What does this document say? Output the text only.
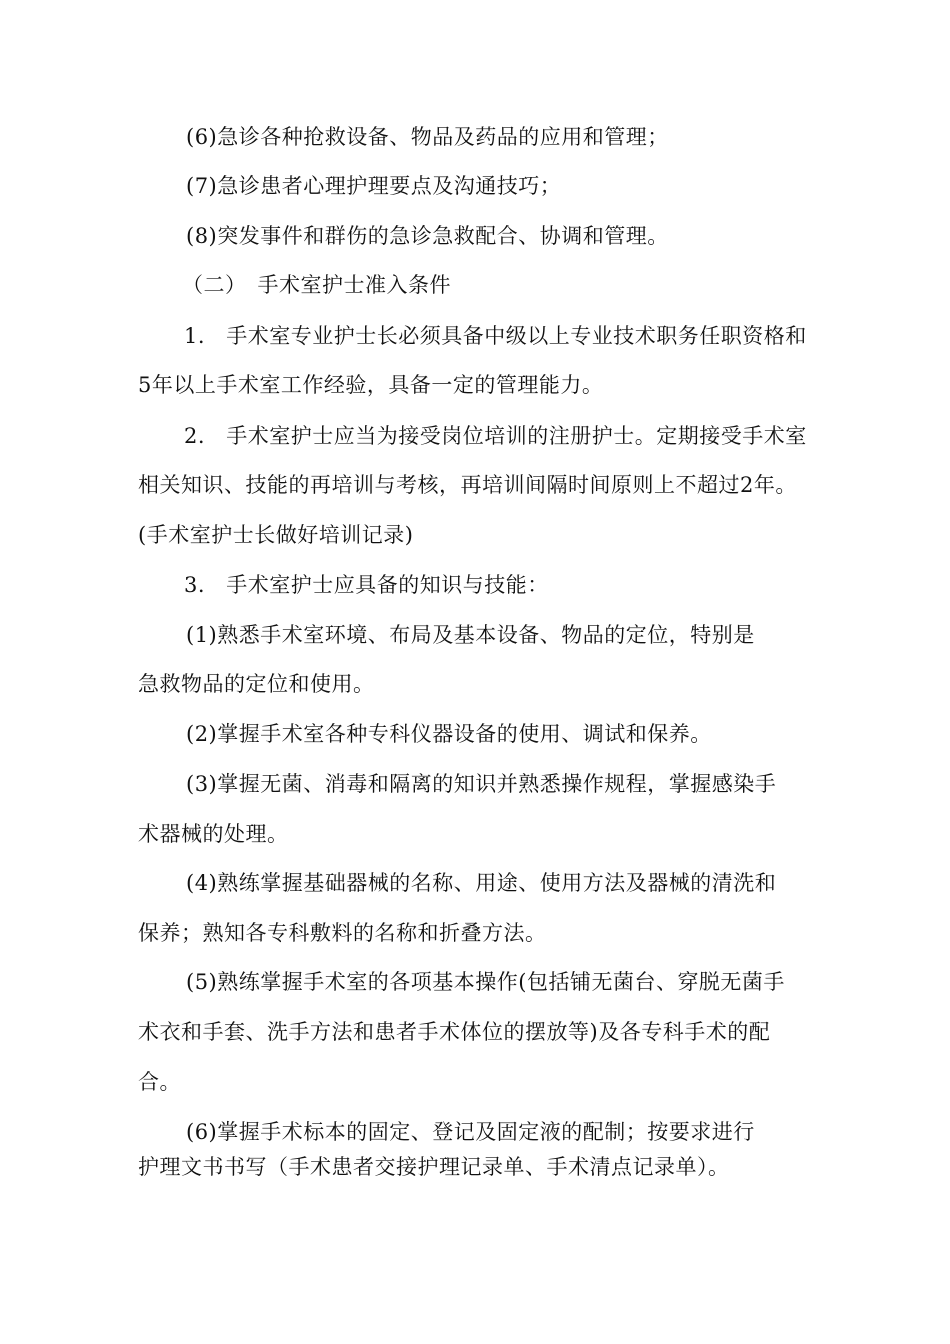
(6)急诊各种抢救设备、物品及药品的应用和管理；

(7)急诊患者心理护理要点及沟通技巧；

(8)突发事件和群伤的急诊急救配合、协调和管理。

（二）　手术室护士准入条件

1. 手术室专业护士长必须具备中级以上专业技术职务任职资格和

5年以上手术室工作经验，具备一定的管理能力。

2. 手术室护士应当为接受岗位培训的注册护士。定期接受手术室

相关知识、技能的再培训与考核，再培训间隔时间原则上不超过2年。

(手术室护士长做好培训记录)

3. 手术室护士应具备的知识与技能：

(1)熟悉手术室环境、布局及基本设备、物品的定位，特别是

急救物品的定位和使用。

(2)掌握手术室各种专科仪器设备的使用、调试和保养。

(3)掌握无菌、消毒和隔离的知识并熟悉操作规程，掌握感染手

术器械的处理。

(4)熟练掌握基础器械的名称、用途、使用方法及器械的清洗和

保养；熟知各专科敷料的名称和折叠方法。

(5)熟练掌握手术室的各项基本操作(包括铺无菌台、穿脱无菌手

术衣和手套、洗手方法和患者手术体位的摆放等)及各专科手术的配

合。

(6)掌握手术标本的固定、登记及固定液的配制；按要求进行

护理文书书写（手术患者交接护理记录单、手术清点记录单）。
